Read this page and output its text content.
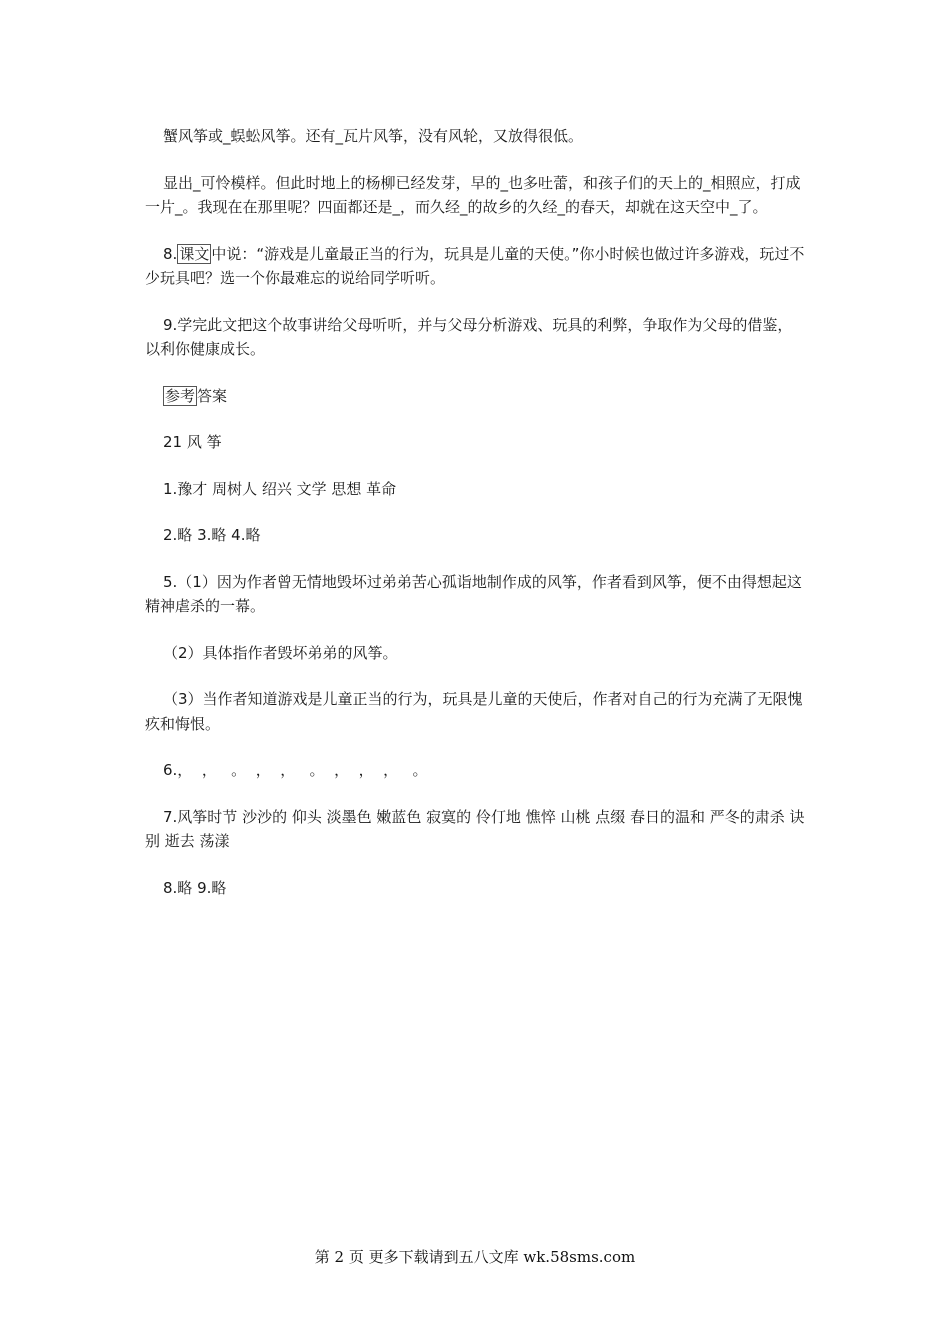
蟹风筝或_蜈蚣风筝。还有_瓦片风筝，没有风轮，又放得很低。

显出_可怜模样。但此时地上的杨柳已经发芽，早的_也多吐蕾，和孩子们的天上的_相照应，打成一片_。我现在在那里呢？四面都还是_，而久经_的故乡的久经_的春天，却就在这天空中_了。

8. 课文 中说：“游戏是儿童最正当的行为，玩具是儿童的天使。”你小时候也做过许多游戏，玩过不少玩具吧？选一个你最难忘的说给同学听听。

9.学完此文把这个故事讲给父母听听，并与父母分析游戏、玩具的利弊，争取作为父母的借鉴，以利你健康成长。

参考 答案

21 风 筝

1.豫才 周树人 绍兴 文学 思想 革命

2.略 3.略 4.略

5.（1）因为作者曾无情地毁坏过弟弟苦心孤诣地制作成的风筝，作者看到风筝，便不由得想起这精神虐杀的一幕。

（2）具体指作者毁坏弟弟的风筝。

（3）当作者知道游戏是儿童正当的行为，玩具是儿童的天使后，作者对自己的行为充满了无限愧疚和悔恨。

6.，  ，   。  ，  ，   。  ，  ，  ，   。

7.风筝时节 沙沙的 仰头 淡墨色 嫩蓝色 寂寞的 伶仃地 憔悴 山桃 点缀 春日的温和 严冬的肃杀 诀别 逝去 荡漾

8.略 9.略

第 2 页 更多下载请到五八文库 wk.58sms.com
